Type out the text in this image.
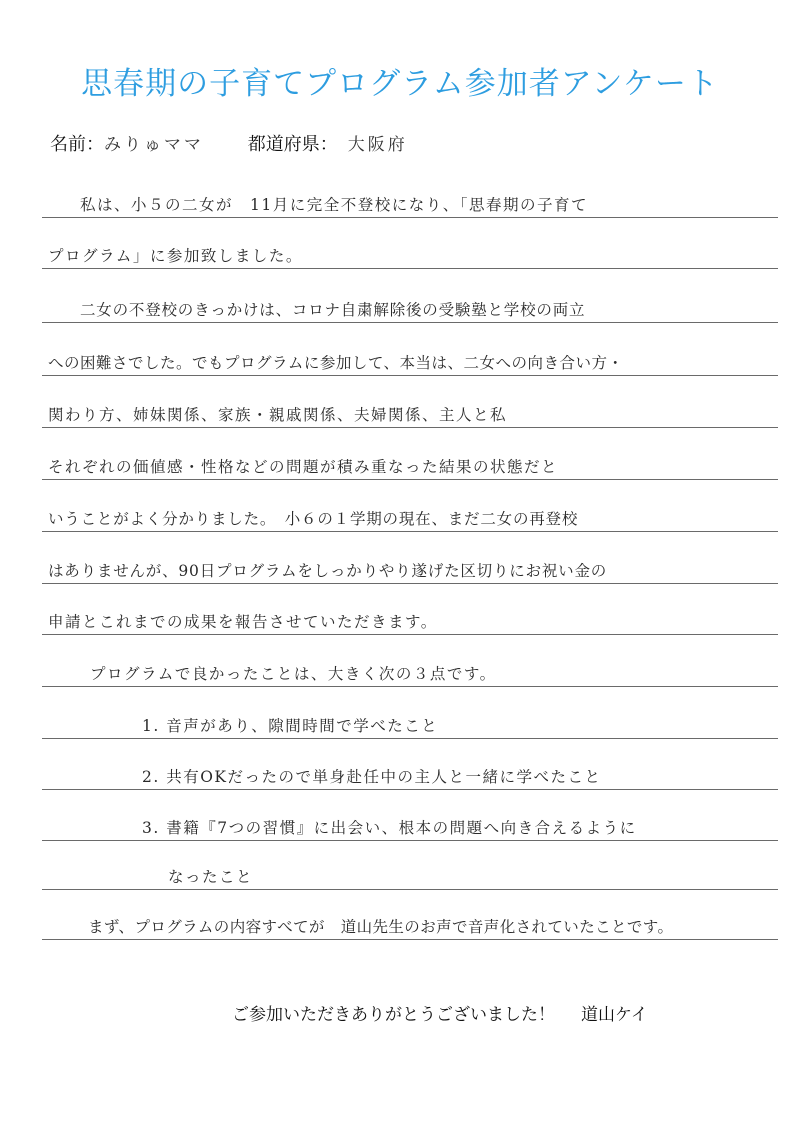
思春期の子育てプログラム参加者アンケート
名前：みりゅママ 都道府県： 大阪府
私は、小５の二女が　11月に完全不登校になり、「思春期の子育て
プログラム」に参加致しました。
二女の不登校のきっかけは、コロナ自粛解除後の受験塾と学校の両立
への困難さでした。でもプログラムに参加して、本当は、二女への向き合い方・
関わり方、姉妹関係、家族・親戚関係、夫婦関係、主人と私
それぞれの価値感・性格などの問題が積み重なった結果の状態だと
いうことがよく分かりました。　小６の１学期の現在、まだ二女の再登校
はありませんが、90日プログラムをしっかりやり遂げた区切りにお祝い金の
申請とこれまでの成果を報告させていただきます。
プログラムで良かったことは、大きく次の３点です。
1. 音声があり、隙間時間で学べたこと
2. 共有OKだったので単身赴任中の主人と一緒に学べたこと
3. 書籍『7つの習慣』に出会い、根本の問題へ向き合えるように
なったこと
まず、プログラムの内容すべてが　道山先生のお声で音声化されていたことです。
ご参加いただきありがとうございました！ 道山ケイ
